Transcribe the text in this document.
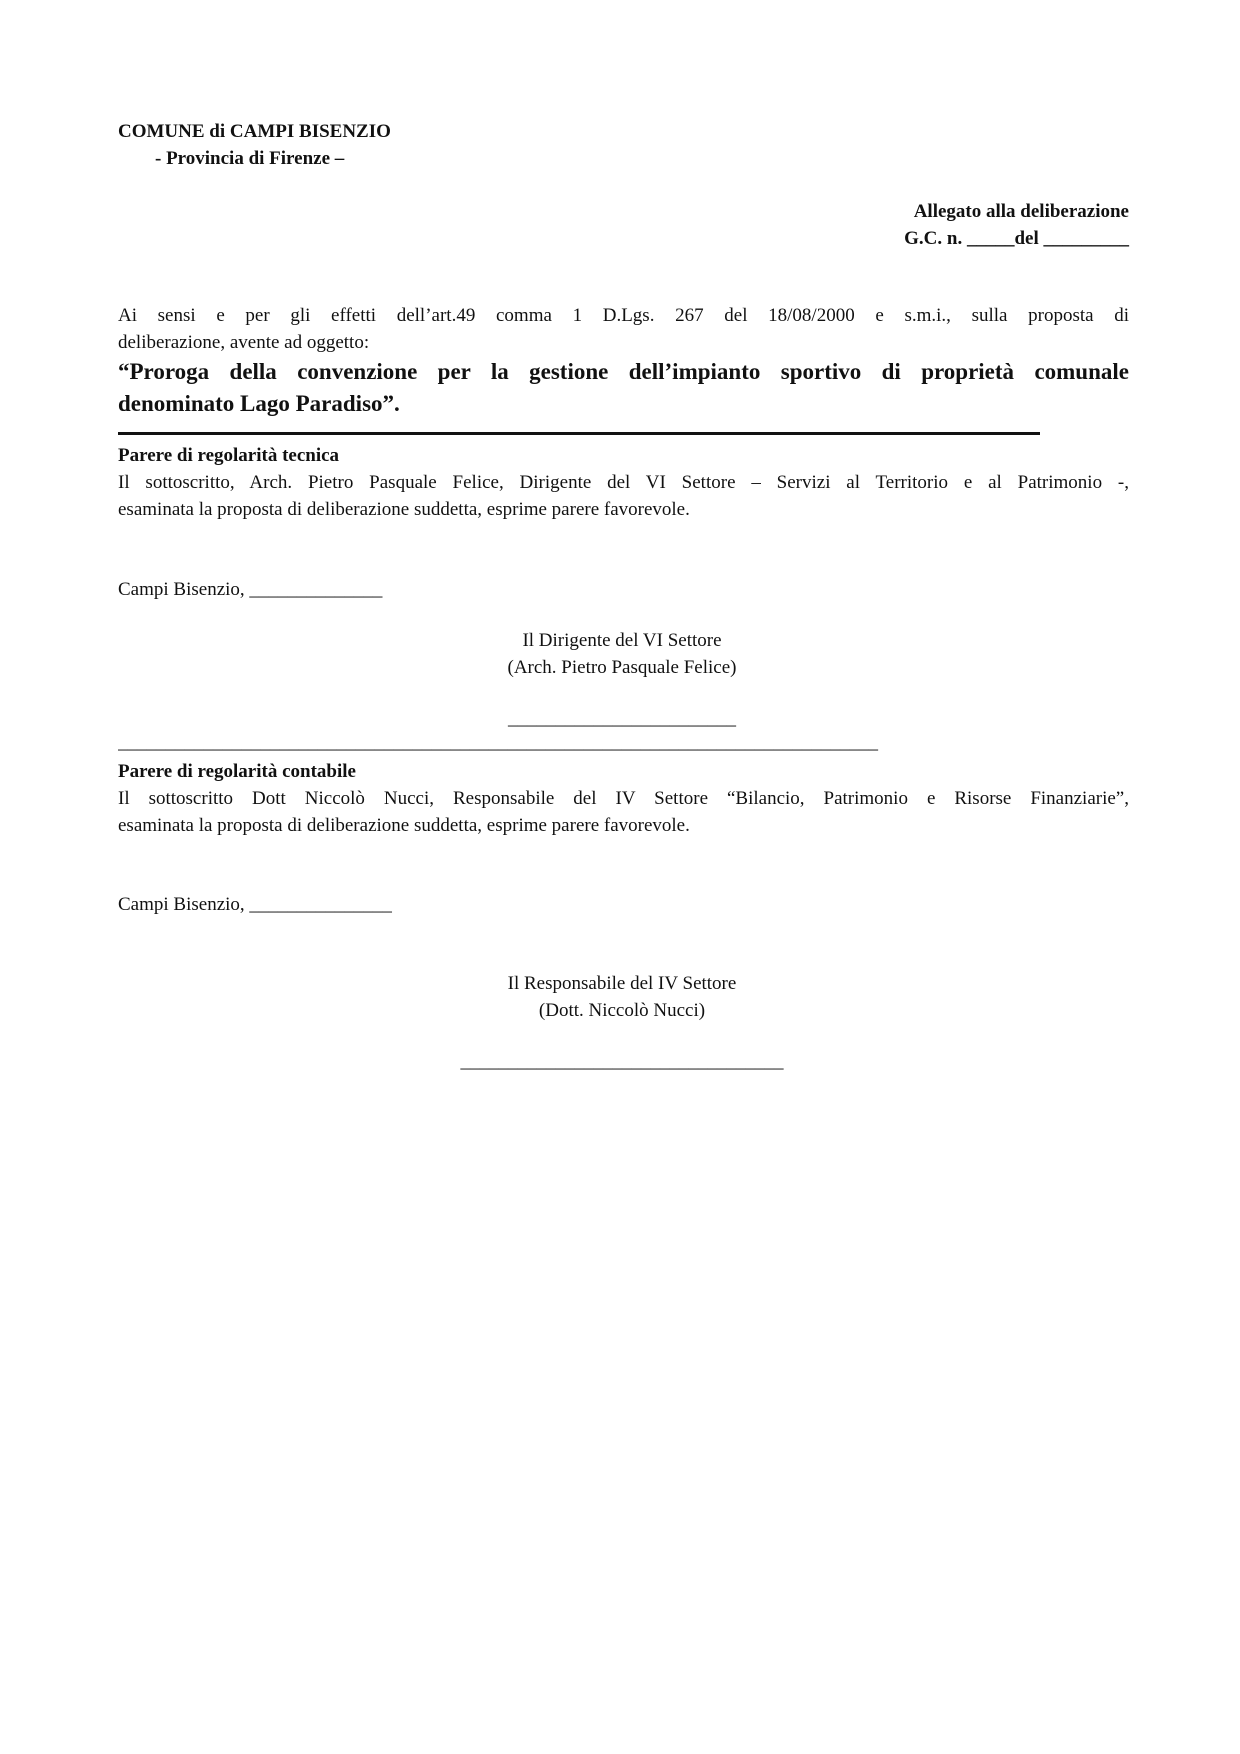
COMUNE di CAMPI BISENZIO
- Provincia di Firenze –
Allegato alla deliberazione
G.C. n. _____del _________
Ai sensi e per gli effetti dell’art.49 comma 1 D.Lgs. 267 del 18/08/2000 e s.m.i., sulla proposta di
deliberazione, avente ad oggetto:
“Proroga della convenzione per la gestione dell’impianto sportivo di proprietà comunale
denominato Lago Paradiso”.
Parere di regolarità tecnica
Il sottoscritto, Arch. Pietro Pasquale Felice, Dirigente del VI Settore – Servizi al Territorio e al Patrimonio -,
esaminata la proposta di deliberazione suddetta, esprime parere favorevole.
Campi Bisenzio, ______________
Il Dirigente del VI Settore
(Arch. Pietro Pasquale Felice)
________________________
________________________________________________________________________________
Parere di regolarità contabile
Il sottoscritto Dott Niccolò Nucci, Responsabile del IV Settore “Bilancio, Patrimonio e Risorse Finanziarie”,
esaminata la proposta di deliberazione suddetta, esprime parere favorevole.
Campi Bisenzio, _______________
Il Responsabile del IV Settore
(Dott. Niccolò Nucci)
__________________________________
